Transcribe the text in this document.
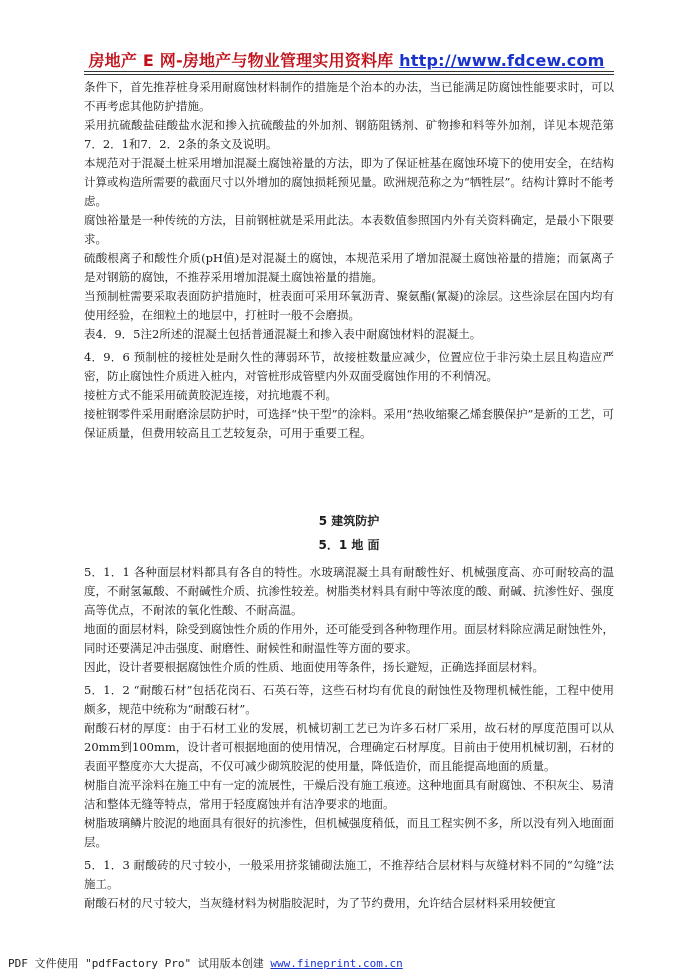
房地产 E 网-房地产与物业管理实用资料库 http://www.fdcew.com

条件下，首先推荐桩身采用耐腐蚀材料制作的措施是个治本的办法，当已能满足防腐蚀性能要求时，可以不再考虑其他防护措施。

采用抗硫酸盐硅酸盐水泥和掺入抗硫酸盐的外加剂、钢筋阻锈剂、矿物掺和料等外加剂，详见本规范第7．2．1和7．2．2条的条文及说明。

本规范对于混凝土桩采用增加混凝土腐蚀裕量的方法，即为了保证桩基在腐蚀环境下的使用安全，在结构计算或构造所需要的截面尺寸以外增加的腐蚀损耗预见量。欧洲规范称之为“牺牲层”。结构计算时不能考虑。

腐蚀裕量是一种传统的方法，目前钢桩就是采用此法。本表数值参照国内外有关资料确定，是最小下限要求。

硫酸根离子和酸性介质(pH值)是对混凝土的腐蚀，本规范采用了增加混凝土腐蚀裕量的措施；而氯离子是对钢筋的腐蚀，不推荐采用增加混凝土腐蚀裕量的措施。

当预制桩需要采取表面防护措施时，桩表面可采用环氧沥青、聚氨酯(氰凝)的涂层。这些涂层在国内均有使用经验，在细粒土的地层中，打桩时一般不会磨损。

表4．9．5注2所述的混凝土包括普通混凝土和掺入表中耐腐蚀材料的混凝土。

4．9．6 预制桩的接桩处是耐久性的薄弱环节，故接桩数量应减少，位置应位于非污染土层且构造应严密，防止腐蚀性介质进入桩内，对管桩形成管壁内外双面受腐蚀作用的不利情况。

接桩方式不能采用硫黄胶泥连接，对抗地震不利。

接桩钢零件采用耐磨涂层防护时，可选择“快干型”的涂料。采用“热收缩聚乙烯套膜保护”是新的工艺，可保证质量，但费用较高且工艺较复杂，可用于重要工程。

5 建筑防护
5．1 地 面

5．1．1 各种面层材料都具有各自的特性。水玻璃混凝土具有耐酸性好、机械强度高、亦可耐较高的温度，不耐氢氟酸、不耐碱性介质、抗渗性较差。树脂类材料具有耐中等浓度的酸、耐碱、抗渗性好、强度高等优点，不耐浓的氧化性酸、不耐高温。

地面的面层材料，除受到腐蚀性介质的作用外，还可能受到各种物理作用。面层材料除应满足耐蚀性外，同时还要满足冲击强度、耐磨性、耐候性和耐温性等方面的要求。

因此，设计者要根据腐蚀性介质的性质、地面使用等条件，扬长避短，正确选择面层材料。

5．1．2 “耐酸石材”包括花岗石、石英石等，这些石材均有优良的耐蚀性及物理机械性能，工程中使用颇多，规范中统称为“耐酸石材”。

耐酸石材的厚度：由于石材工业的发展，机械切割工艺已为许多石材厂采用，故石材的厚度范围可以从20mm到100mm，设计者可根据地面的使用情况，合理确定石材厚度。目前由于使用机械切割，石材的表面平整度亦大大提高，不仅可减少砌筑胶泥的使用量，降低造价，而且能提高地面的质量。

树脂自流平涂料在施工中有一定的流展性，干燥后没有施工痕迹。这种地面具有耐腐蚀、不积灰尘、易清洁和整体无缝等特点，常用于轻度腐蚀并有洁净要求的地面。

树脂玻璃鳞片胶泥的地面具有很好的抗渗性，但机械强度稍低，而且工程实例不多，所以没有列入地面面层。

5．1．3 耐酸砖的尺寸较小，一般采用挤浆铺砌法施工，不推荐结合层材料与灰缝材料不同的“勾缝”法施工。

耐酸石材的尺寸较大，当灰缝材料为树脂胶泥时，为了节约费用，允许结合层材料采用较便宜

PDF 文件使用 "pdfFactory Pro" 试用版本创建 www.fineprint.com.cn
